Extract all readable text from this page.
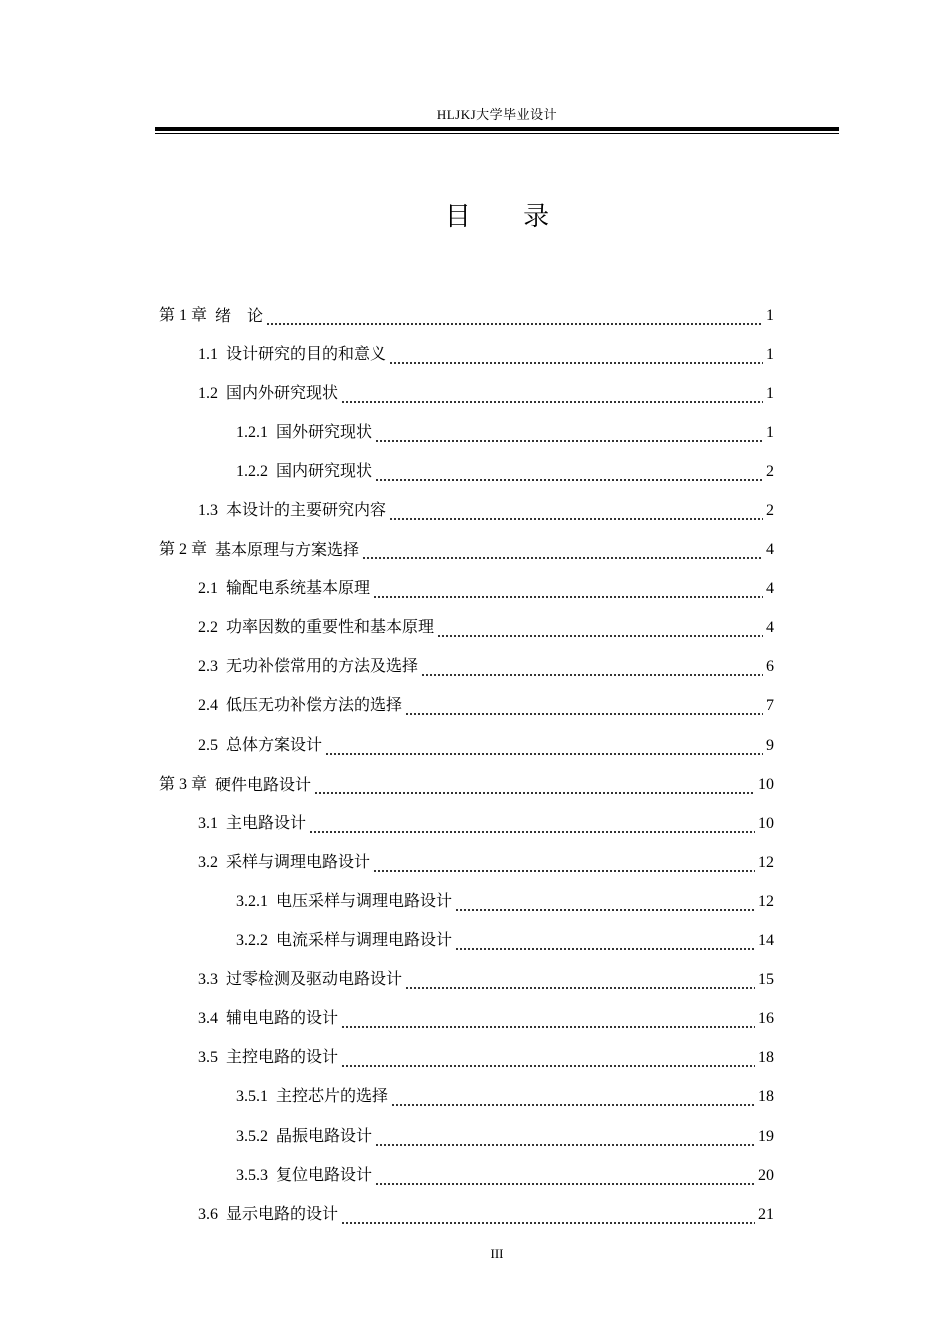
HLJKJ大学毕业设计
目 录
第 1 章 绪　论	1
1.1 设计研究的目的和意义	1
1.2 国内外研究现状	1
1.2.1 国外研究现状	1
1.2.2 国内研究现状	2
1.3 本设计的主要研究内容	2
第 2 章 基本原理与方案选择	4
2.1 输配电系统基本原理	4
2.2 功率因数的重要性和基本原理	4
2.3 无功补偿常用的方法及选择	6
2.4 低压无功补偿方法的选择	7
2.5 总体方案设计	9
第 3 章 硬件电路设计	10
3.1 主电路设计	10
3.2 采样与调理电路设计	12
3.2.1 电压采样与调理电路设计	12
3.2.2 电流采样与调理电路设计	14
3.3 过零检测及驱动电路设计	15
3.4 辅电电路的设计	16
3.5 主控电路的设计	18
3.5.1 主控芯片的选择	18
3.5.2 晶振电路设计	19
3.5.3 复位电路设计	20
3.6 显示电路的设计	21
III
